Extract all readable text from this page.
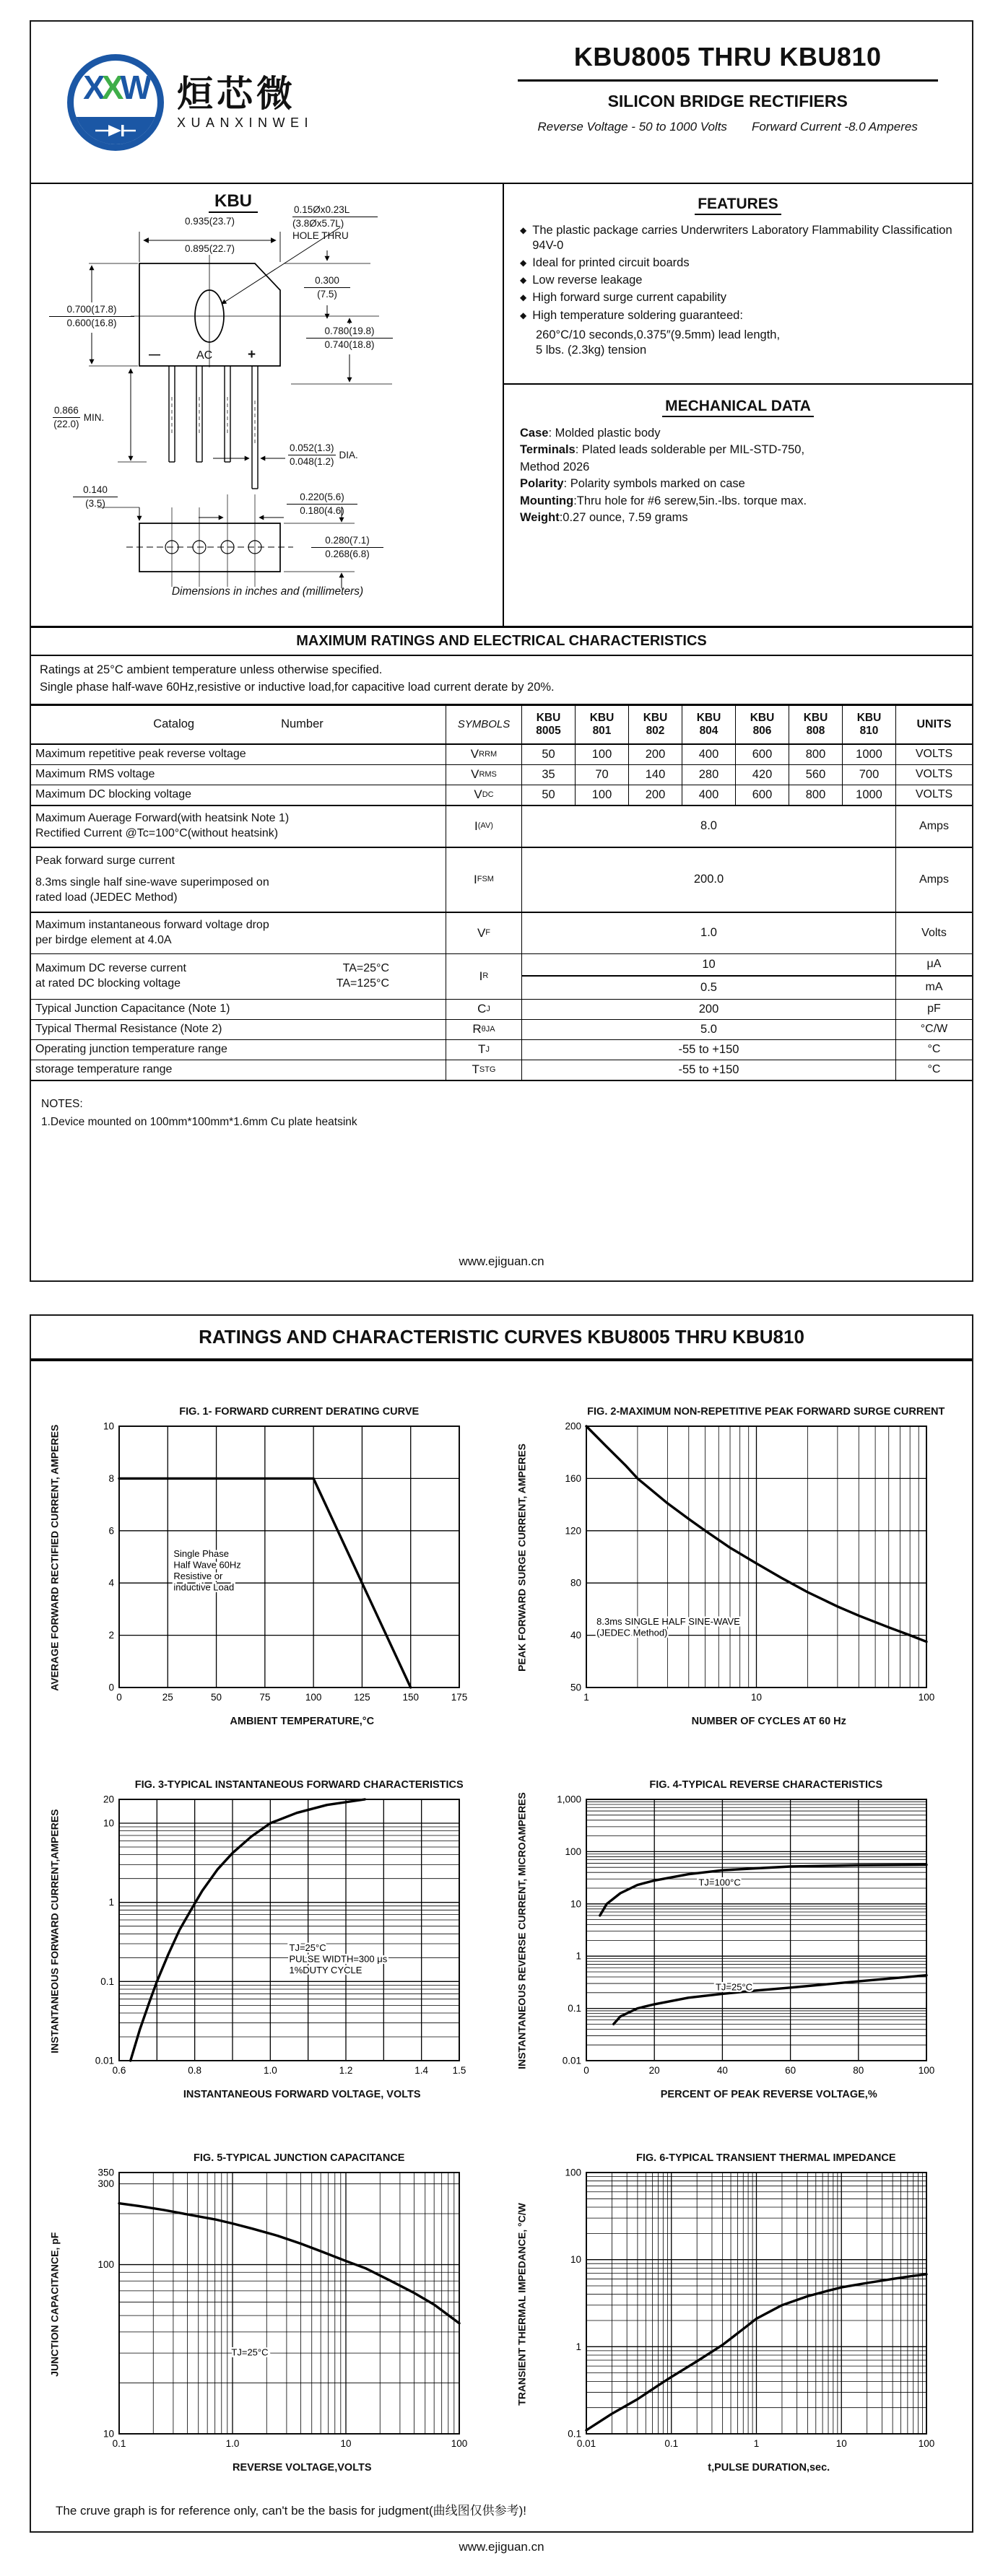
XXW 烜芯微
XUANXINWEI
KBU8005 THRU KBU810
SILICON BRIDGE RECTIFIERS
Reverse Voltage - 50 to 1000 Volts Forward Current -8.0 Amperes
KBU
0.935(23.7)
0.895(22.7)
0.15Øx0.23L
(3.8Øx5.7L)
HOLE THRU
0.300
(7.5)
0.700(17.8)
0.600(16.8)
0.780(19.8)
0.740(18.8)
0.866
(22.0)
MIN.
0.052(1.3)
0.048(1.2)
DIA.
0.140
(3.5)
0.220(5.6)
0.180(4.6)
0.280(7.1)
0.268(6.8)
—	AC	+
Dimensions in inches and (millimeters)
FEATURES
◆ The plastic package carries Underwriters Laboratory Flammability Classification 94V-0
◆ Ideal for printed circuit boards
◆ Low reverse leakage
◆ High forward surge current capability
◆ High temperature soldering guaranteed:
260°C/10 seconds,0.375″(9.5mm) lead length,
5 lbs. (2.3kg) tension
MECHANICAL DATA
Case: Molded plastic body
Terminals: Plated leads solderable per MIL-STD-750,
Method 2026
Polarity: Polarity symbols marked on case
Mounting:Thru hole for #6 serew,5in.-lbs. torque max.
Weight:0.27 ounce, 7.59 grams
MAXIMUM RATINGS AND ELECTRICAL CHARACTERISTICS
Ratings at 25°C ambient temperature unless otherwise specified.
Single phase half-wave 60Hz,resistive or inductive load,for capacitive load current derate by 20%.
Catalog	Number	SYMBOLS
KBU
8005
KBU
801
KBU
802
KBU
804
KBU
806
KBU
808
KBU
810
UNITS
Maximum repetitive peak reverse voltage	V RRM	50	100	200	400	600	800	1000	VOLTS
Maximum RMS voltage	V RMS	35	70	140	280	420	560	700	VOLTS
Maximum DC blocking voltage	V DC	50	100	200	400	600	800	1000	VOLTS
Maximum Auerage Forward(with heatsink Note 1)
Rectified Current @Tc=100°C(without heatsink)
I (AV)	8.0	Amps
Peak forward surge current
8.3ms single half sine-wave superimposed on
rated load (JEDEC Method)
I FSM	200.0	Amps
Maximum instantaneous forward voltage drop
per birdge element at 4.0A
V F	1.0	Volts
Maximum DC reverse current	TA=25°C
at rated DC blocking voltage	TA=125°C
I R
10	μA
0.5	mA
Typical Junction Capacitance (Note 1)	C J	200	pF
Typical Thermal Resistance (Note 2)	R θJA	5.0	°C/W
Operating junction temperature range	T J	-55 to +150	°C
storage temperature range	T STG	-55 to +150	°C
NOTES:
1.Device mounted on 100mm*100mm*1.6mm Cu plate heatsink
www.ejiguan.cn
RATINGS AND CHARACTERISTIC CURVES KBU8005 THRU KBU810
AVERAGE FORWARD RECTIFIED CURRENT, AMPERES
FIG. 1- FORWARD CURRENT DERATING CURVE
0	25	50	75	100	125	150	175
0
2
4
6
8
10
Single Phase
Half Wave 60Hz
Resistive or
inductive Load
AMBIENT TEMPERATURE,°C
PEAK FORWARD SURGE CURRENT, AMPERES
FIG. 2-MAXIMUM NON-REPETITIVE PEAK FORWARD SURGE CURRENT
1	10	100
200
160
120
80
40
50
8.3ms SINGLE HALF SINE-WAVE
(JEDEC Method)
NUMBER OF CYCLES AT 60 Hz
INSTANTANEOUS FORWARD CURRENT,AMPERES
FIG. 3-TYPICAL INSTANTANEOUS FORWARD CHARACTERISTICS
0.6	0.8	1.0	1.2	1.4 1.5
20
10
1
0.1
0.01
TJ=25°C
PULSE WIDTH=300 μs
1%DUTY CYCLE
INSTANTANEOUS FORWARD VOLTAGE, VOLTS
INSTANTANEOUS REVERSE CURRENT, MICROAMPERES
FIG. 4-TYPICAL REVERSE CHARACTERISTICS
0	20	40	60	80	100
1,000
100
10
1
0.1
0.01
TJ=100°C
TJ=25°C
PERCENT OF PEAK REVERSE VOLTAGE,%
JUNCTION CAPACITANCE, pF
FIG. 5-TYPICAL JUNCTION CAPACITANCE
0.1	1.0	10	100
350
300
100
10
TJ=25°C
REVERSE VOLTAGE,VOLTS
TRANSIENT THERMAL IMPEDANCE, °C/W
FIG. 6-TYPICAL TRANSIENT THERMAL IMPEDANCE
0.01	0.1	1	10	100
100
10
1
0.1
t,PULSE DURATION,sec.
The cruve graph is for reference only, can't be the basis for judgment(曲线图仅供参考)!
www.ejiguan.cn
